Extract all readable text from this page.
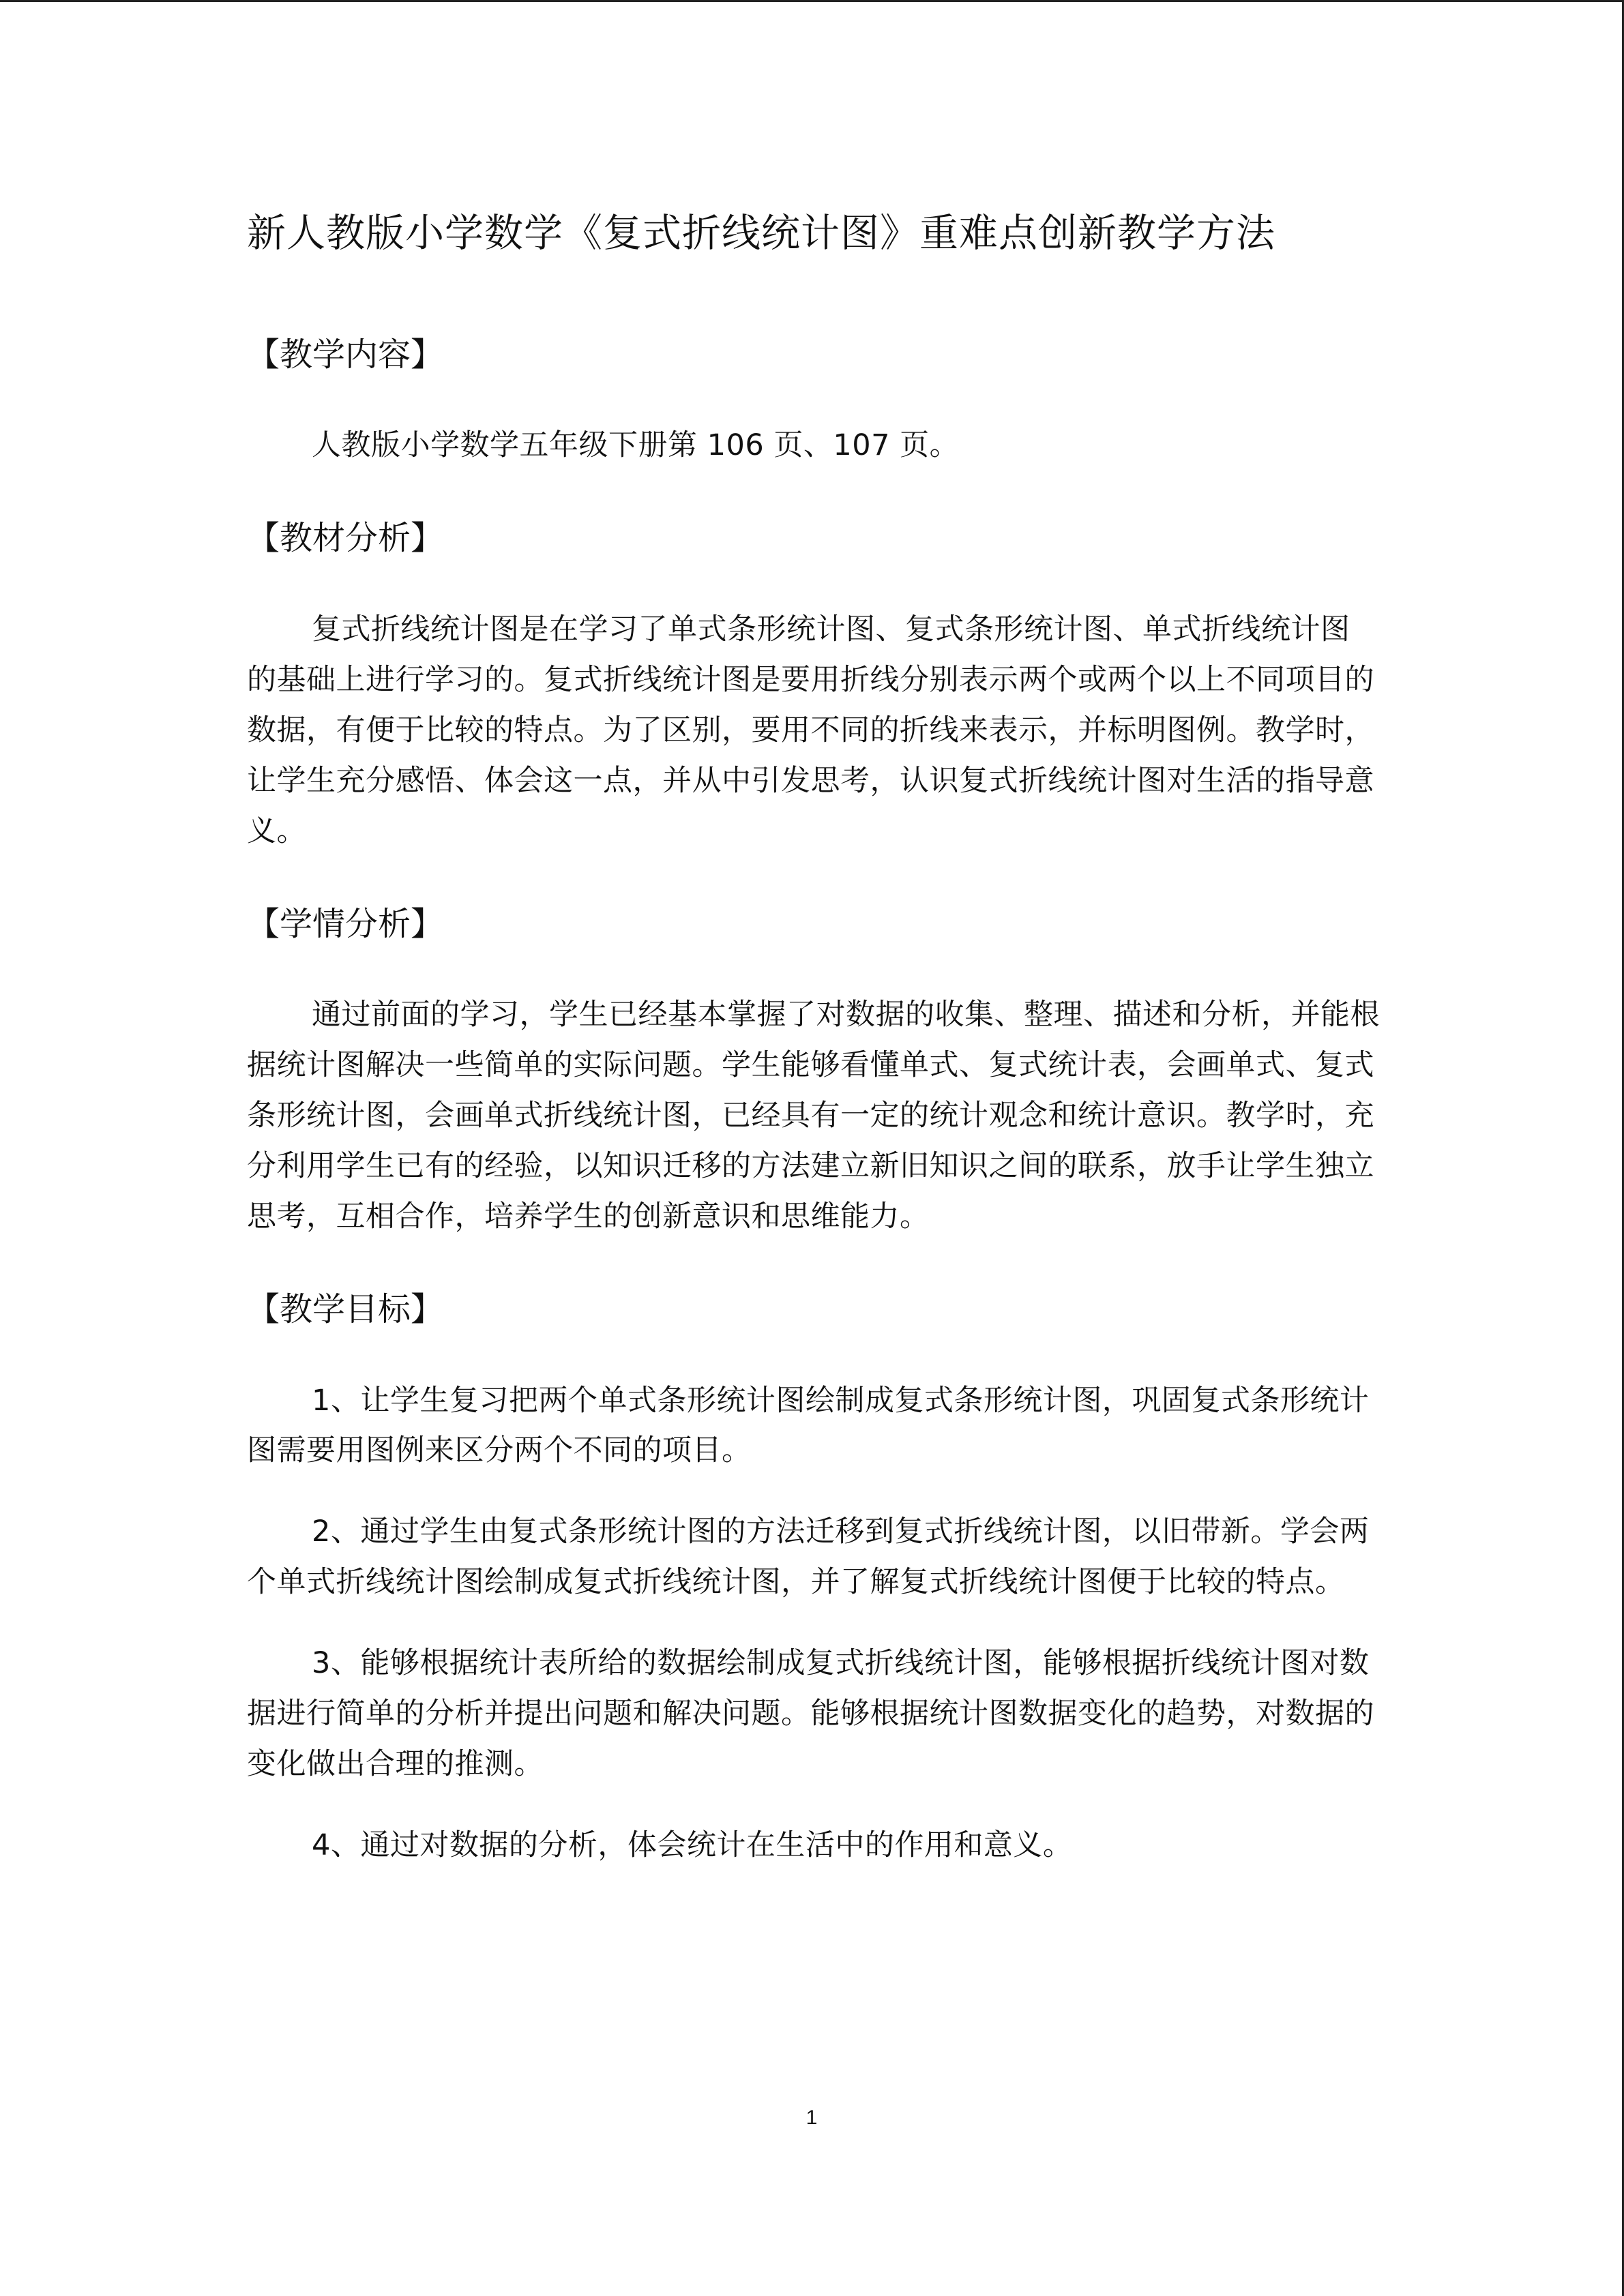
新人教版小学数学《复式折线统计图》重难点创新教学方法
【教学内容】

人教版小学数学五年级下册第 106 页、107 页。

【教材分析】

复式折线统计图是在学习了单式条形统计图、复式条形统计图、单式折线统计图 的基础上进行学习的。复式折线统计图是要用折线分别表示两个或两个以上不同项目的数据，有便于比较的特点。为了区别，要用不同的折线来表示，并标明图例。教学时，让学生充分感悟、体会这一点，并从中引发思考，认识复式折线统计图对生活的指导意义。

【学情分析】

通过前面的学习，学生已经基本掌握了对数据的收集、整理、描述和分析，并能根据统计图解决一些简单的实际问题。学生能够看懂单式、复式统计表，会画单式、复式条形统计图，会画单式折线统计图，已经具有一定的统计观念和统计意识。教学时，充分利用学生已有的经验，以知识迁移的方法建立新旧知识之间的联系，放手让学生独立思考，互相合作，培养学生的创新意识和思维能力。

【教学目标】

1、让学生复习把两个单式条形统计图绘制成复式条形统计图，巩固复式条形统计图需要用图例来区分两个不同的项目。

2、通过学生由复式条形统计图的方法迁移到复式折线统计图，以旧带新。学会两个单式折线统计图绘制成复式折线统计图，并了解复式折线统计图便于比较的特点。

3、能够根据统计表所给的数据绘制成复式折线统计图，能够根据折线统计图对数据进行简单的分析并提出问题和解决问题。能够根据统计图数据变化的趋势，对数据的变化做出合理的推测。

4、通过对数据的分析，体会统计在生活中的作用和意义。

1
